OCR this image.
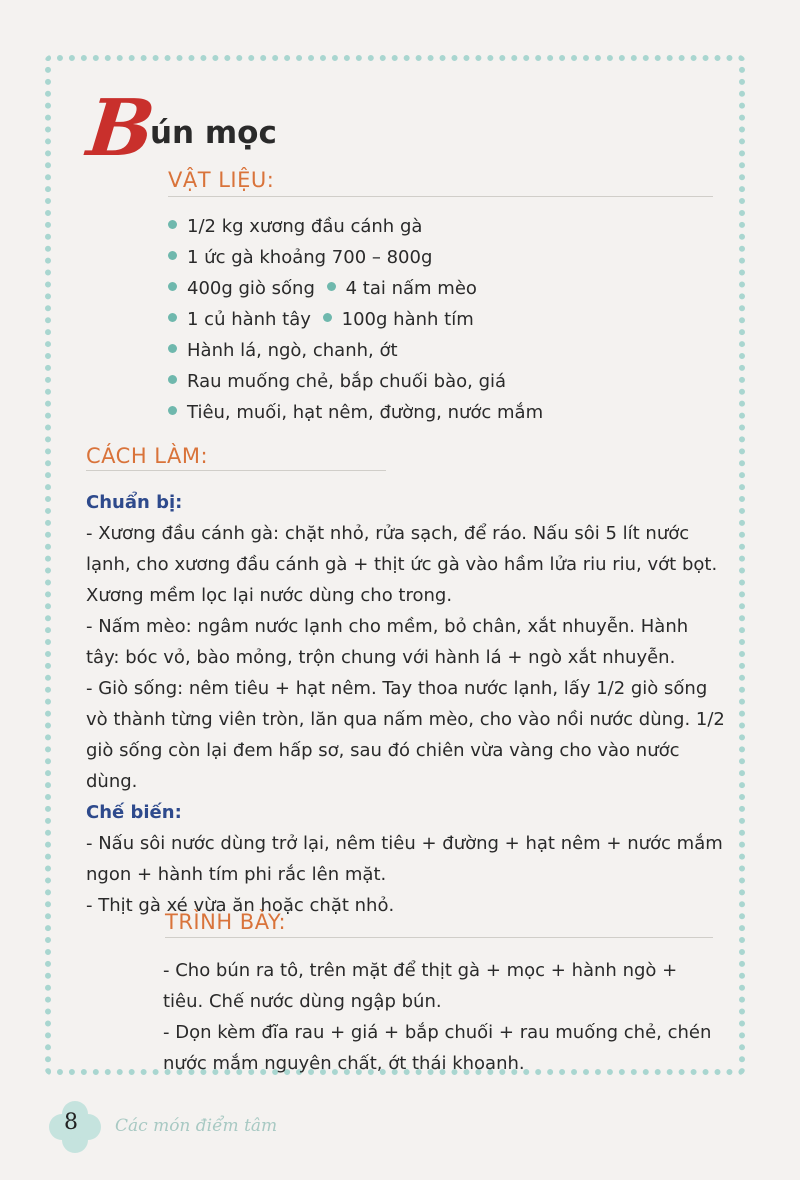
Bún mọc
VẬT LIỆU:
1/2 kg xương đầu cánh gà
1 ức gà khoảng 700 – 800g
400g giò sống 4 tai nấm mèo
1 củ hành tây 100g hành tím
Hành lá, ngò, chanh, ớt
Rau muống chẻ, bắp chuối bào, giá
Tiêu, muối, hạt nêm, đường, nước mắm
CÁCH LÀM:

Chuẩn bị:

- Xương đầu cánh gà: chặt nhỏ, rửa sạch, để ráo. Nấu sôi 5 lít nước lạnh, cho xương đầu cánh gà + thịt ức gà vào hầm lửa riu riu, vớt bọt. Xương mềm lọc lại nước dùng cho trong.

- Nấm mèo: ngâm nước lạnh cho mềm, bỏ chân, xắt nhuyễn. Hành tây: bóc vỏ, bào mỏng, trộn chung với hành lá + ngò xắt nhuyễn.

- Giò sống: nêm tiêu + hạt nêm. Tay thoa nước lạnh, lấy 1/2 giò sống vò thành từng viên tròn, lăn qua nấm mèo, cho vào nồi nước dùng. 1/2 giò sống còn lại đem hấp sơ, sau đó chiên vừa vàng cho vào nước dùng.

Chế biến:

- Nấu sôi nước dùng trở lại, nêm tiêu + đường + hạt nêm + nước mắm ngon + hành tím phi rắc lên mặt.

- Thịt gà xé vừa ăn hoặc chặt nhỏ.

TRÌNH BÀY:

- Cho bún ra tô, trên mặt để thịt gà + mọc + hành ngò + tiêu. Chế nước dùng ngập bún.

- Dọn kèm đĩa rau + giá + bắp chuối + rau muống chẻ, chén nước mắm nguyên chất, ớt thái khoanh.

8 Các món điểm tâm
